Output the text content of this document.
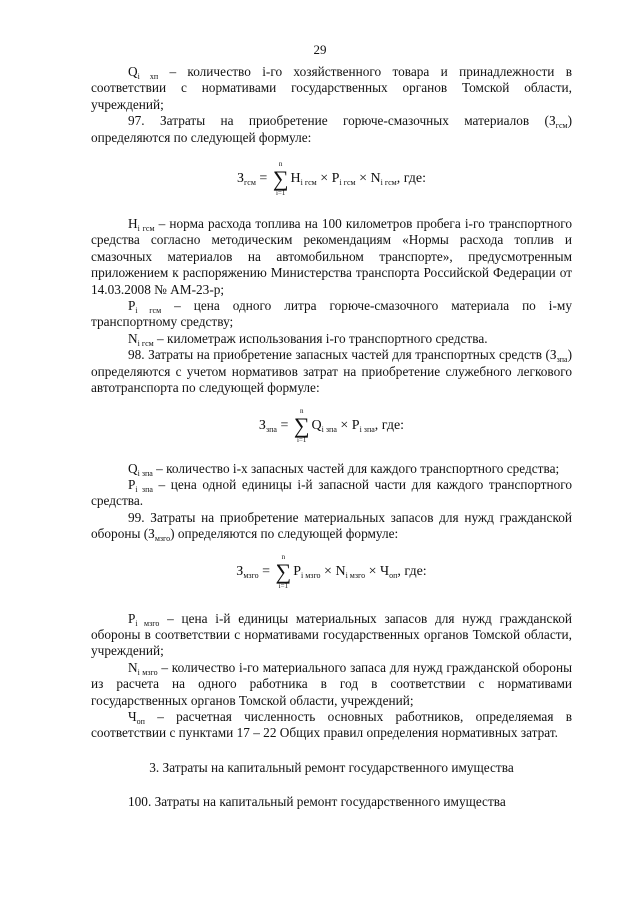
29

$Q_{i хп}$ – количество i-го хозяйственного товара и принадлежности в соответствии с нормативами государственных органов Томской области, учреждений;

97. Затраты на приобретение горюче-смазочных материалов $(З_{гсм})$ определяются по следующей формуле:

$З_{гсм}$ =
n
∑
i=1
$Н_{i гсм} \times Р_{i гсм} \times N_{i гсм}$, где:

$Н_{i гсм}$ – норма расхода топлива на 100 километров пробега i-го транспортного средства согласно методическим рекомендациям «Нормы расхода топлив и смазочных материалов на автомобильном транспорте», предусмотренным приложением к распоряжению Министерства транспорта Российской Федерации от 14.03.2008 № АМ-23-р;

$Р_{i гсм}$ – цена одного литра горюче-смазочного материала по i-му транспортному средству;

$N_{i гсм}$ – километраж использования i-го транспортного средства.

98. Затраты на приобретение запасных частей для транспортных средств $(З_{зпа})$ определяются с учетом нормативов затрат на приобретение служебного легкового автотранспорта по следующей формуле:

$З_{зпа}$ =
n
∑
i=1
$Q_{i зпа} \times Р_{i зпа}$, где:

$Q_{i зпа}$ – количество i-х запасных частей для каждого транспортного средства;

$Р_{i зпа}$ – цена одной единицы i-й запасной части для каждого транспортного средства.

99. Затраты на приобретение материальных запасов для нужд гражданской обороны $(З_{мзго})$ определяются по следующей формуле:

$З_{мзго}$ =
n
∑
i=1
$Р_{i мзго} \times N_{i мзго} \times Ч_{оп}$, где:

$Р_{i мзго}$ – цена i-й единицы материальных запасов для нужд гражданской обороны в соответствии с нормативами государственных органов Томской области, учреждений;

$N_{i мзго}$ – количество i-го материального запаса для нужд гражданской обороны из расчета на одного работника в год в соответствии с нормативами государственных органов Томской области, учреждений;

$Ч_{оп}$ – расчетная численность основных работников, определяемая в соответствии с пунктами 17 – 22 Общих правил определения нормативных затрат.

3. Затраты на капитальный ремонт государственного имущества

100. Затраты на капитальный ремонт государственного имущества
